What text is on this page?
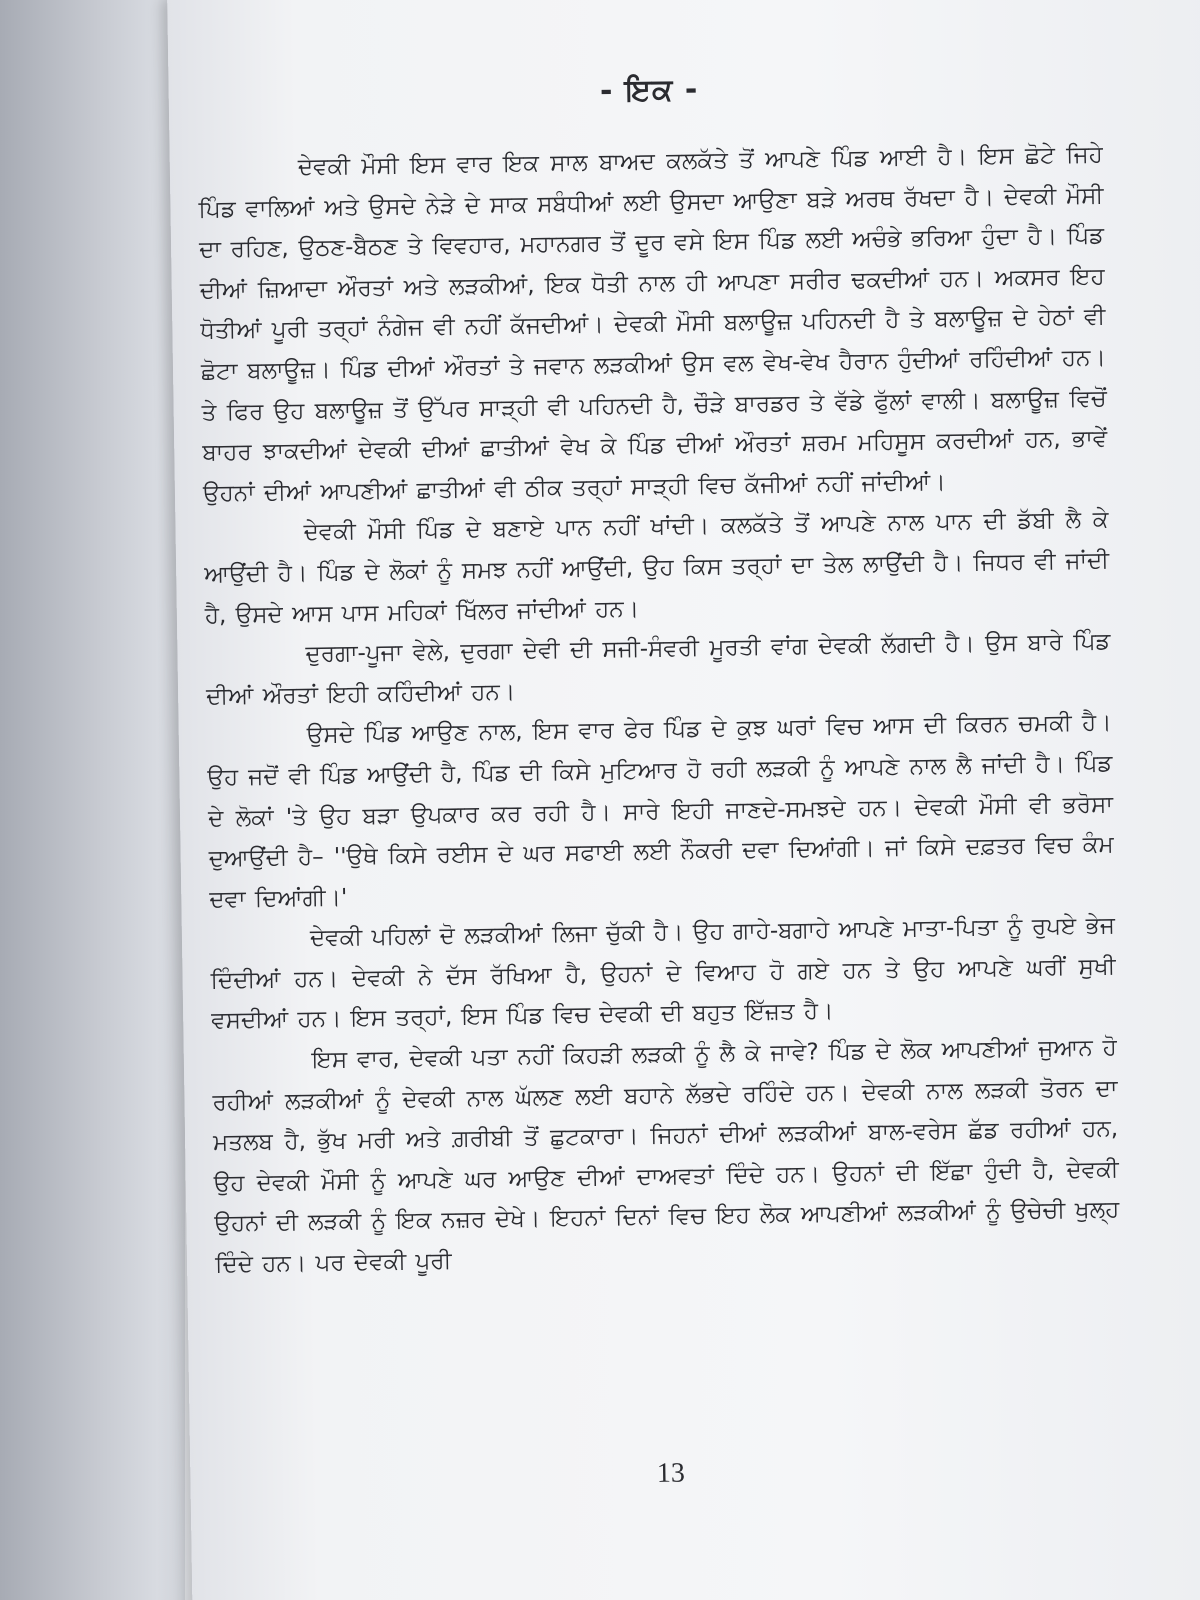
- ਇਕ -

ਦੇਵਕੀ ਮੌਸੀ ਇਸ ਵਾਰ ਇਕ ਸਾਲ ਬਾਅਦ ਕਲਕੱਤੇ ਤੋਂ ਆਪਣੇ ਪਿੰਡ ਆਈ ਹੈ। ਇਸ ਛੋਟੇ ਜਿਹੇ ਪਿੰਡ ਵਾਲਿਆਂ ਅਤੇ ਉਸਦੇ ਨੇੜੇ ਦੇ ਸਾਕ ਸਬੰਧੀਆਂ ਲਈ ਉਸਦਾ ਆਉਣਾ ਬੜੇ ਅਰਥ ਰੱਖਦਾ ਹੈ। ਦੇਵਕੀ ਮੌਸੀ ਦਾ ਰਹਿਣ, ਉਠਣ-ਬੈਠਣ ਤੇ ਵਿਵਹਾਰ, ਮਹਾਨਗਰ ਤੋਂ ਦੂਰ ਵਸੇ ਇਸ ਪਿੰਡ ਲਈ ਅਚੰਭੇ ਭਰਿਆ ਹੁੰਦਾ ਹੈ। ਪਿੰਡ ਦੀਆਂ ਜ਼ਿਆਦਾ ਔਰਤਾਂ ਅਤੇ ਲੜਕੀਆਂ, ਇਕ ਧੋਤੀ ਨਾਲ ਹੀ ਆਪਣਾ ਸਰੀਰ ਢਕਦੀਆਂ ਹਨ। ਅਕਸਰ ਇਹ ਧੋਤੀਆਂ ਪੂਰੀ ਤਰ੍ਹਾਂ ਨੰਗੇਜ ਵੀ ਨਹੀਂ ਕੱਜਦੀਆਂ। ਦੇਵਕੀ ਮੌਸੀ ਬਲਾਊਜ਼ ਪਹਿਨਦੀ ਹੈ ਤੇ ਬਲਾਊਜ਼ ਦੇ ਹੇਠਾਂ ਵੀ ਛੋਟਾ ਬਲਾਊਜ਼। ਪਿੰਡ ਦੀਆਂ ਔਰਤਾਂ ਤੇ ਜਵਾਨ ਲੜਕੀਆਂ ਉਸ ਵਲ ਵੇਖ-ਵੇਖ ਹੈਰਾਨ ਹੁੰਦੀਆਂ ਰਹਿੰਦੀਆਂ ਹਨ। ਤੇ ਫਿਰ ਉਹ ਬਲਾਊਜ਼ ਤੋਂ ਉੱਪਰ ਸਾੜ੍ਹੀ ਵੀ ਪਹਿਨਦੀ ਹੈ, ਚੌੜੇ ਬਾਰਡਰ ਤੇ ਵੱਡੇ ਫੁੱਲਾਂ ਵਾਲੀ। ਬਲਾਊਜ਼ ਵਿਚੋਂ ਬਾਹਰ ਝਾਕਦੀਆਂ ਦੇਵਕੀ ਦੀਆਂ ਛਾਤੀਆਂ ਵੇਖ ਕੇ ਪਿੰਡ ਦੀਆਂ ਔਰਤਾਂ ਸ਼ਰਮ ਮਹਿਸੂਸ ਕਰਦੀਆਂ ਹਨ, ਭਾਵੇਂ ਉਹਨਾਂ ਦੀਆਂ ਆਪਣੀਆਂ ਛਾਤੀਆਂ ਵੀ ਠੀਕ ਤਰ੍ਹਾਂ ਸਾੜ੍ਹੀ ਵਿਚ ਕੱਜੀਆਂ ਨਹੀਂ ਜਾਂਦੀਆਂ।

ਦੇਵਕੀ ਮੌਸੀ ਪਿੰਡ ਦੇ ਬਣਾਏ ਪਾਨ ਨਹੀਂ ਖਾਂਦੀ। ਕਲਕੱਤੇ ਤੋਂ ਆਪਣੇ ਨਾਲ ਪਾਨ ਦੀ ਡੱਬੀ ਲੈ ਕੇ ਆਉਂਦੀ ਹੈ। ਪਿੰਡ ਦੇ ਲੋਕਾਂ ਨੂੰ ਸਮਝ ਨਹੀਂ ਆਉਂਦੀ, ਉਹ ਕਿਸ ਤਰ੍ਹਾਂ ਦਾ ਤੇਲ ਲਾਉਂਦੀ ਹੈ। ਜਿਧਰ ਵੀ ਜਾਂਦੀ ਹੈ, ਉਸਦੇ ਆਸ ਪਾਸ ਮਹਿਕਾਂ ਖਿੱਲਰ ਜਾਂਦੀਆਂ ਹਨ।

ਦੁਰਗਾ-ਪੂਜਾ ਵੇਲੇ, ਦੁਰਗਾ ਦੇਵੀ ਦੀ ਸਜੀ-ਸੰਵਰੀ ਮੂਰਤੀ ਵਾਂਗ ਦੇਵਕੀ ਲੱਗਦੀ ਹੈ। ਉਸ ਬਾਰੇ ਪਿੰਡ ਦੀਆਂ ਔਰਤਾਂ ਇਹੀ ਕਹਿੰਦੀਆਂ ਹਨ।

ਉਸਦੇ ਪਿੰਡ ਆਉਣ ਨਾਲ, ਇਸ ਵਾਰ ਫੇਰ ਪਿੰਡ ਦੇ ਕੁਝ ਘਰਾਂ ਵਿਚ ਆਸ ਦੀ ਕਿਰਨ ਚਮਕੀ ਹੈ। ਉਹ ਜਦੋਂ ਵੀ ਪਿੰਡ ਆਉਂਦੀ ਹੈ, ਪਿੰਡ ਦੀ ਕਿਸੇ ਮੁਟਿਆਰ ਹੋ ਰਹੀ ਲੜਕੀ ਨੂੰ ਆਪਣੇ ਨਾਲ ਲੈ ਜਾਂਦੀ ਹੈ। ਪਿੰਡ ਦੇ ਲੋਕਾਂ 'ਤੇ ਉਹ ਬੜਾ ਉਪਕਾਰ ਕਰ ਰਹੀ ਹੈ। ਸਾਰੇ ਇਹੀ ਜਾਣਦੇ-ਸਮਝਦੇ ਹਨ। ਦੇਵਕੀ ਮੌਸੀ ਵੀ ਭਰੋਸਾ ਦੁਆਉਂਦੀ ਹੈ– ''ਉਥੇ ਕਿਸੇ ਰਈਸ ਦੇ ਘਰ ਸਫਾਈ ਲਈ ਨੌਕਰੀ ਦਵਾ ਦਿਆਂਗੀ। ਜਾਂ ਕਿਸੇ ਦਫ਼ਤਰ ਵਿਚ ਕੰਮ ਦਵਾ ਦਿਆਂਗੀ।'

ਦੇਵਕੀ ਪਹਿਲਾਂ ਦੋ ਲੜਕੀਆਂ ਲਿਜਾ ਚੁੱਕੀ ਹੈ। ਉਹ ਗਾਹੇ-ਬਗਾਹੇ ਆਪਣੇ ਮਾਤਾ-ਪਿਤਾ ਨੂੰ ਰੁਪਏ ਭੇਜ ਦਿੰਦੀਆਂ ਹਨ। ਦੇਵਕੀ ਨੇ ਦੱਸ ਰੱਖਿਆ ਹੈ, ਉਹਨਾਂ ਦੇ ਵਿਆਹ ਹੋ ਗਏ ਹਨ ਤੇ ਉਹ ਆਪਣੇ ਘਰੀਂ ਸੁਖੀ ਵਸਦੀਆਂ ਹਨ। ਇਸ ਤਰ੍ਹਾਂ, ਇਸ ਪਿੰਡ ਵਿਚ ਦੇਵਕੀ ਦੀ ਬਹੁਤ ਇੱਜ਼ਤ ਹੈ।

ਇਸ ਵਾਰ, ਦੇਵਕੀ ਪਤਾ ਨਹੀਂ ਕਿਹੜੀ ਲੜਕੀ ਨੂੰ ਲੈ ਕੇ ਜਾਵੇ? ਪਿੰਡ ਦੇ ਲੋਕ ਆਪਣੀਆਂ ਜੁਆਨ ਹੋ ਰਹੀਆਂ ਲੜਕੀਆਂ ਨੂੰ ਦੇਵਕੀ ਨਾਲ ਘੱਲਣ ਲਈ ਬਹਾਨੇ ਲੱਭਦੇ ਰਹਿੰਦੇ ਹਨ। ਦੇਵਕੀ ਨਾਲ ਲੜਕੀ ਤੋਰਨ ਦਾ ਮਤਲਬ ਹੈ, ਭੁੱਖ ਮਰੀ ਅਤੇ ਗ਼ਰੀਬੀ ਤੋਂ ਛੁਟਕਾਰਾ। ਜਿਹਨਾਂ ਦੀਆਂ ਲੜਕੀਆਂ ਬਾਲ-ਵਰੇਸ ਛੱਡ ਰਹੀਆਂ ਹਨ, ਉਹ ਦੇਵਕੀ ਮੌਸੀ ਨੂੰ ਆਪਣੇ ਘਰ ਆਉਣ ਦੀਆਂ ਦਾਅਵਤਾਂ ਦਿੰਦੇ ਹਨ। ਉਹਨਾਂ ਦੀ ਇੱਛਾ ਹੁੰਦੀ ਹੈ, ਦੇਵਕੀ ਉਹਨਾਂ ਦੀ ਲੜਕੀ ਨੂੰ ਇਕ ਨਜ਼ਰ ਦੇਖੇ। ਇਹਨਾਂ ਦਿਨਾਂ ਵਿਚ ਇਹ ਲੋਕ ਆਪਣੀਆਂ ਲੜਕੀਆਂ ਨੂੰ ਉਚੇਚੀ ਖੁਲ੍ਹ ਦਿੰਦੇ ਹਨ। ਪਰ ਦੇਵਕੀ ਪੂਰੀ

13
